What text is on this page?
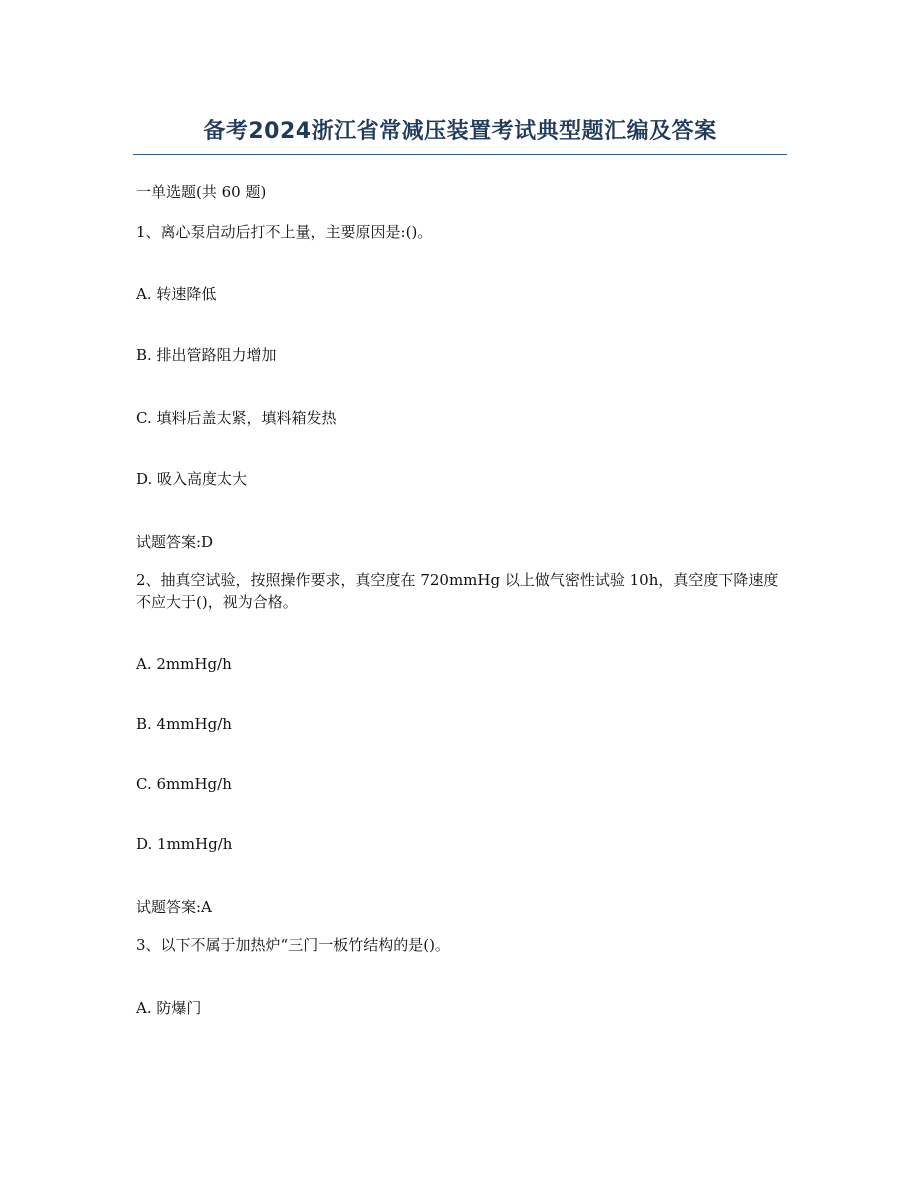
备考2024浙江省常减压装置考试典型题汇编及答案

一单选题(共 60 题)

1、离心泵启动后打不上量，主要原因是:()。

A. 转速降低

B. 排出管路阻力增加

C. 填料后盖太紧，填料箱发热

D. 吸入高度太大

试题答案:D

2、抽真空试验，按照操作要求，真空度在 720mmHg 以上做气密性试验 10h，真空度下降速度不应大于()，视为合格。

A. 2mmHg/h

B. 4mmHg/h

C. 6mmHg/h

D. 1mmHg/h

试题答案:A

3、以下不属于加热炉“三门一板竹结构的是()。

A. 防爆门
